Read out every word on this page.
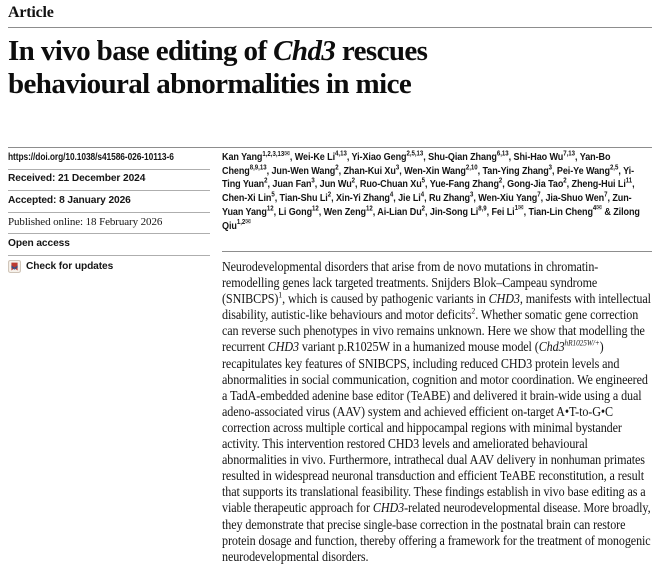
Article
In vivo base editing of Chd3 rescues behavioural abnormalities in mice
https://doi.org/10.1038/s41586-026-10113-6
Received: 21 December 2024
Accepted: 8 January 2026
Published online: 18 February 2026
Open access
Check for updates
Kan Yang$^{1,2,3,13✉}$, Wei-Ke Li$^{4,13}$, Yi-Xiao Geng$^{2,5,13}$, Shu-Qian Zhang$^{6,13}$, Shi-Hao Wu$^{7,13}$, Yan-Bo Cheng$^{8,9,13}$, Jun-Wen Wang$^2$, Zhan-Kui Xu$^3$, Wen-Xin Wang$^{2,10}$, Tan-Ying Zhang$^3$, Pei-Ye Wang$^{2,5}$, Yi-Ting Yuan$^2$, Juan Fan$^3$, Jun Wu$^2$, Ruo-Chuan Xu$^5$, Yue-Fang Zhang$^2$, Gong-Jia Tao$^2$, Zheng-Hui Li$^{11}$, Chen-Xi Lin$^5$, Tian-Shu Li$^2$, Xin-Yi Zhang$^4$, Jie Li$^4$, Ru Zhang$^3$, Wen-Xiu Yang$^7$, Jia-Shuo Wen$^7$, Zun-Yuan Yang$^{12}$, Li Gong$^{12}$, Wen Zeng$^{12}$, Ai-Lian Du$^2$, Jin-Song Li$^{8,9}$, Fei $Li^{1✉}$, Tian-Lin Cheng$^{4✉}$ & Zilong Qiu$^{1,2✉}$

Neurodevelopmental disorders that arise from de novo mutations in chromatin-remodelling genes lack targeted treatments. Snijders Blok–Campeau syndrome (SNIBCPS)$^1$, which is caused by pathogenic variants in CHD3, manifests with intellectual disability, autistic-like behaviours and motor deficits$^2$. Whether somatic gene correction can reverse such phenotypes in vivo remains unknown. Here we show that modelling the recurrent CHD3 variant p.R1025W in a humanized mouse model $(Chd3^{hR1025W/+})$ recapitulates key features of SNIBCPS, including reduced CHD3 protein levels and abnormalities in social communication, cognition and motor coordination. We engineered a TadA-embedded adenine base editor (TeABE) and delivered it brain-wide using a dual adeno-associated virus (AAV) system and achieved efficient on-target A•T-to-G•C correction across multiple cortical and hippocampal regions with minimal bystander activity. This intervention restored CHD3 levels and ameliorated behavioural abnormalities in vivo. Furthermore, intrathecal dual AAV delivery in nonhuman primates resulted in widespread neuronal transduction and efficient TeABE reconstitution, a result that supports its translational feasibility. These findings establish in vivo base editing as a viable therapeutic approach for CHD3-related neurodevelopmental disease. More broadly, they demonstrate that precise single-base correction in the postnatal brain can restore protein dosage and function, thereby offering a framework for the treatment of monogenic neurodevelopmental disorders.
